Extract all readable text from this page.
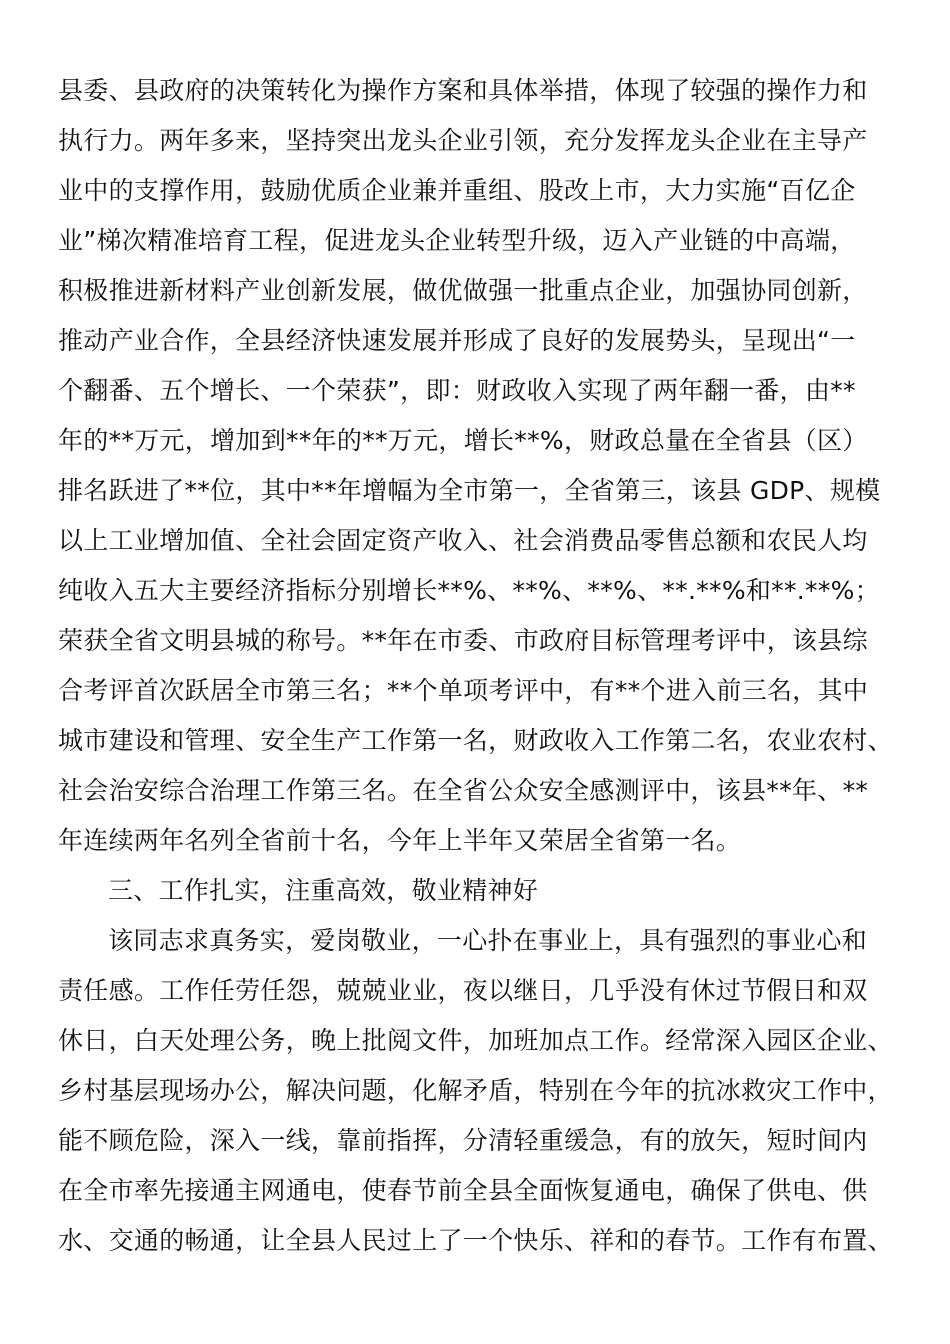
县委、县政府的决策转化为操作方案和具体举措，体现了较强的操作力和
执行力。两年多来，坚持突出龙头企业引领，充分发挥龙头企业在主导产
业中的支撑作用，鼓励优质企业兼并重组、股改上市，大力实施“百亿企
业”梯次精准培育工程，促进龙头企业转型升级，迈入产业链的中高端，
积极推进新材料产业创新发展，做优做强一批重点企业，加强协同创新，
推动产业合作，全县经济快速发展并形成了良好的发展势头，呈现出“一
个翻番、五个增长、一个荣获”，即：财政收入实现了两年翻一番，由**
年的**万元，增加到**年的**万元，增长**%，财政总量在全省县（区）
排名跃进了**位，其中**年增幅为全市第一，全省第三，该县 GDP、规模
以上工业增加值、全社会固定资产收入、社会消费品零售总额和农民人均
纯收入五大主要经济指标分别增长**%、**%、**%、**.**%和**.**%；
荣获全省文明县城的称号。**年在市委、市政府目标管理考评中，该县综
合考评首次跃居全市第三名；**个单项考评中，有**个进入前三名，其中
城市建设和管理、安全生产工作第一名，财政收入工作第二名，农业农村、
社会治安综合治理工作第三名。在全省公众安全感测评中，该县**年、**
年连续两年名列全省前十名，今年上半年又荣居全省第一名。
三、工作扎实，注重高效，敬业精神好
该同志求真务实，爱岗敬业，一心扑在事业上，具有强烈的事业心和
责任感。工作任劳任怨，兢兢业业，夜以继日，几乎没有休过节假日和双
休日，白天处理公务，晚上批阅文件，加班加点工作。经常深入园区企业、
乡村基层现场办公，解决问题，化解矛盾，特别在今年的抗冰救灾工作中，
能不顾危险，深入一线，靠前指挥，分清轻重缓急，有的放矢，短时间内
在全市率先接通主网通电，使春节前全县全面恢复通电，确保了供电、供
水、交通的畅通，让全县人民过上了一个快乐、祥和的春节。工作有布置、
